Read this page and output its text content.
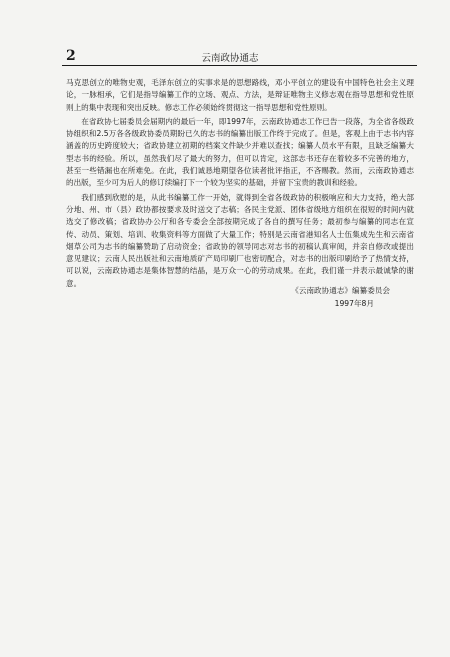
2	云南政协通志

马克思创立的唯物史观，毛泽东创立的实事求是的思想路线，邓小平创立的建设有中国特色社会主义理论，一脉相承，它们是指导编纂工作的立场、观点、方法，是辩证唯物主义修志观在指导思想和党性原则上的集中表现和突出反映。修志工作必须始终贯彻这一指导思想和党性原则。

在省政协七届委员会届期内的最后一年，即1997年，云南政协通志工作已告一段落，为全省各级政协组织和2.5万各各级政协委员期盼已久的志书的编纂出版工作终于完成了。但是，客观上由于志书内容涵盖的历史跨度较大；省政协建立初期的档案文件缺少并难以查找；编纂人员水平有限，且缺乏编纂大型志书的经验。所以，虽然我们尽了最大的努力，但可以肯定，这部志书还存在着较多不完善的地方，甚至一些错漏也在所难免。在此，我们诚恳地期望各位读者批评指正，不吝赐教。然而，云南政协通志的出版，至少可为后人的修订续编打下一个较为坚实的基础，并留下宝贵的教训和经验。

我们感到欣慰的是，从此书编纂工作一开始，就得到全省各级政协的积极响应和大力支持，绝大部分地、州、市（县）政协都按要求及时送交了志稿；各民主党派、团体省级地方组织在很短的时间内就选交了修改稿；省政协办公厅和各专委会全部按期完成了各自的撰写任务；最初参与编纂的同志在宣传、动员、策划、培训、收集资料等方面做了大量工作；特别是云南省港知名人士伍集成先生和云南省烟草公司为志书的编纂赞助了启动资金；省政协的领导同志对志书的初稿认真审阅，并亲自修改或提出意见建议；云南人民出版社和云南地质矿产局印刷厂也密切配合，对志书的出版印刷给予了热情支持，可以说，云南政协通志是集体智慧的结晶，是万众一心的劳动成果。在此，我们谨一并表示最诚挚的谢意。

《云南政协通志》编纂委员会
1997年8月
